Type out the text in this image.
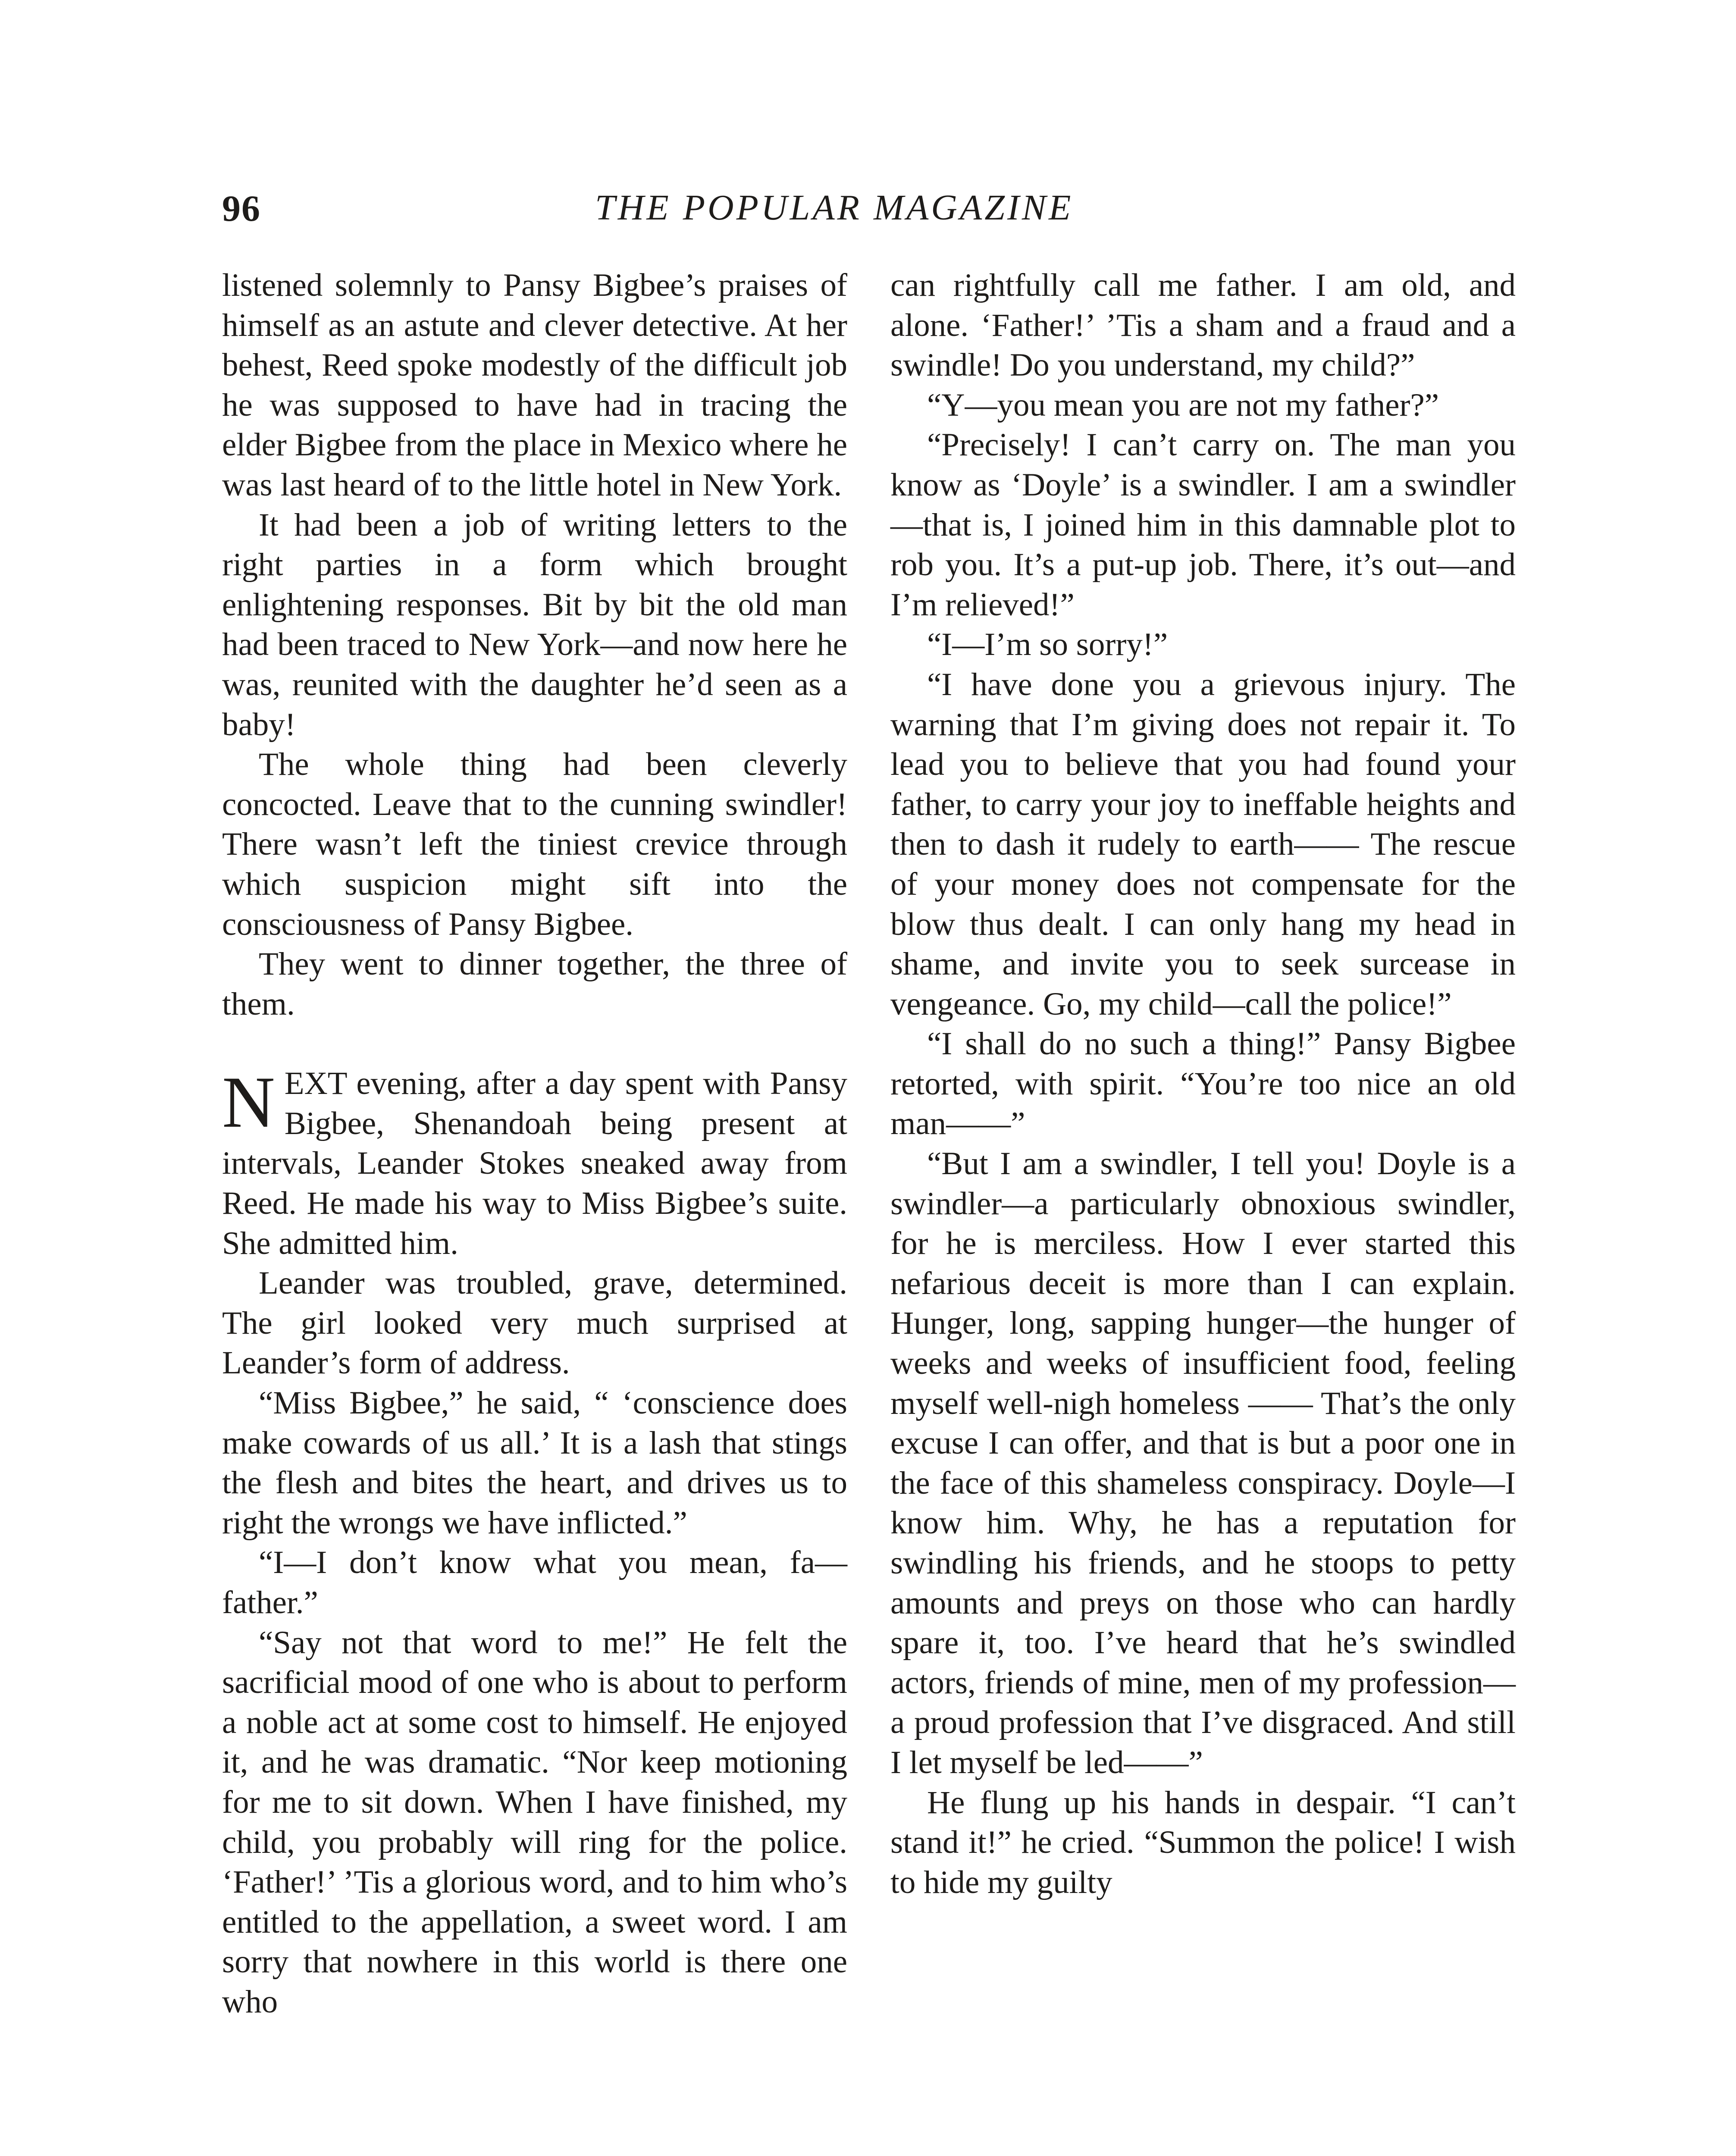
96	THE POPULAR MAGAZINE

listened solemnly to Pansy Bigbee’s praises of himself as an astute and clever detective. At her behest, Reed spoke modestly of the difficult job he was supposed to have had in tracing the elder Bigbee from the place in Mexico where he was last heard of to the little hotel in New York.

It had been a job of writing letters to the right parties in a form which brought enlightening responses. Bit by bit the old man had been traced to New York—and now here he was, reunited with the daughter he’d seen as a baby!

The whole thing had been cleverly concocted. Leave that to the cunning swindler! There wasn’t left the tiniest crevice through which suspicion might sift into the consciousness of Pansy Bigbee.

They went to dinner together, the three of them.

NEXT evening, after a day spent with Pansy Bigbee, Shenandoah being present at intervals, Leander Stokes sneaked away from Reed. He made his way to Miss Bigbee’s suite. She admitted him.

Leander was troubled, grave, determined. The girl looked very much surprised at Leander’s form of address.

“Miss Bigbee,” he said, “ ‘conscience does make cowards of us all.’ It is a lash that stings the flesh and bites the heart, and drives us to right the wrongs we have inflicted.”

“I—I don’t know what you mean, fa—father.”

“Say not that word to me!” He felt the sacrificial mood of one who is about to perform a noble act at some cost to himself. He enjoyed it, and he was dramatic. “Nor keep motioning for me to sit down. When I have finished, my child, you probably will ring for the police. ‘Father!’ ’Tis a glorious word, and to him who’s entitled to the appellation, a sweet word. I am sorry that nowhere in this world is there one who

can rightfully call me father. I am old, and alone. ‘Father!’ ’Tis a sham and a fraud and a swindle! Do you understand, my child?”

“Y—you mean you are not my father?”

“Precisely! I can’t carry on. The man you know as ‘Doyle’ is a swindler. I am a swindler—that is, I joined him in this damnable plot to rob you. It’s a put-up job. There, it’s out—and I’m relieved!”

“I—I’m so sorry!”

“I have done you a grievous injury. The warning that I’m giving does not repair it. To lead you to believe that you had found your father, to carry your joy to ineffable heights and then to dash it rudely to earth—— The rescue of your money does not compensate for the blow thus dealt. I can only hang my head in shame, and invite you to seek surcease in vengeance. Go, my child—call the police!”

“I shall do no such a thing!” Pansy Bigbee retorted, with spirit. “You’re too nice an old man——”

“But I am a swindler, I tell you! Doyle is a swindler—a particularly obnoxious swindler, for he is merciless. How I ever started this nefarious deceit is more than I can explain. Hunger, long, sapping hunger—the hunger of weeks and weeks of insufficient food, feeling myself well-nigh homeless —— That’s the only excuse I can offer, and that is but a poor one in the face of this shameless conspiracy. Doyle—I know him. Why, he has a reputation for swindling his friends, and he stoops to petty amounts and preys on those who can hardly spare it, too. I’ve heard that he’s swindled actors, friends of mine, men of my profession—a proud profession that I’ve disgraced. And still I let myself be led——”

He flung up his hands in despair. “I can’t stand it!” he cried. “Summon the police! I wish to hide my guilty
